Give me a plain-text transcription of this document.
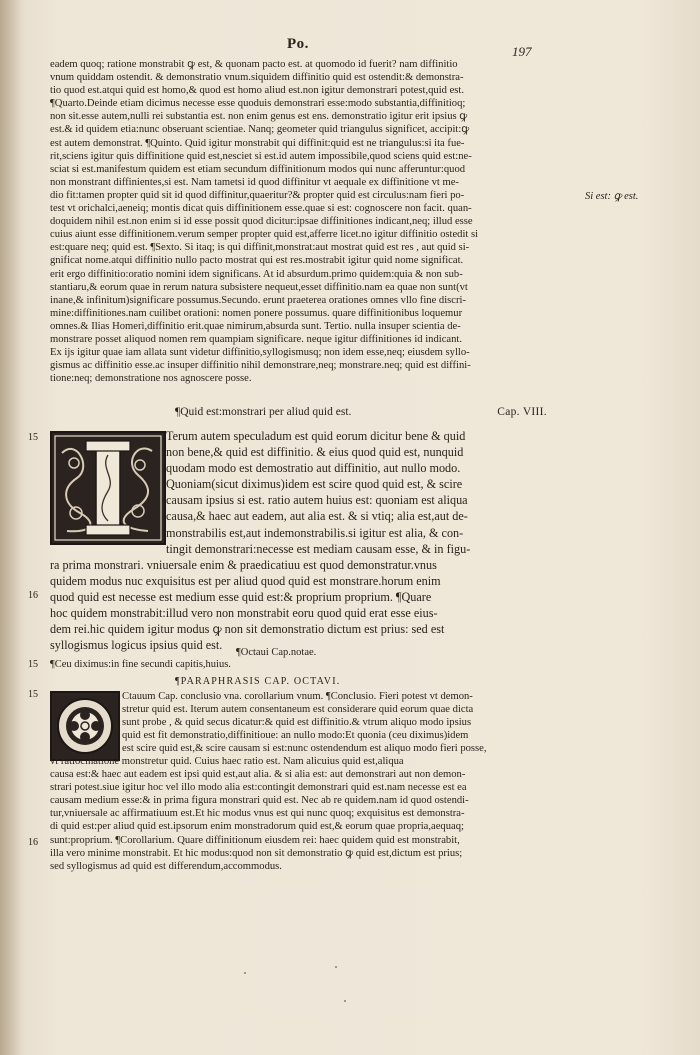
Po.	197
eadem quoq; ratione monstrabit ꝙ est, & quonam pacto est. at quomodo id fuerit? nam diffinitio
vnum quiddam ostendit. & demonstratio vnum.siquidem diffinitio quid est ostendit:& demonstra-
tio quod est.atqui quid est homo,& quod est homo aliud est.non igitur demonstrari potest,quid est.
¶Quarto.Deinde etiam dicimus necesse esse quoduis demonstrari esse:modo substantia,diffinitioq;
non sit.esse autem,nulli rei substantia est. non enim genus est ens. demonstratio igitur erit ipsius ꝙ
est.& id quidem etia:nunc obseruant scientiae. Nanq; geometer quid triangulus significet, accipit:ꝙ
est autem demonstrat. ¶Quinto. Quid igitur monstrabit qui diffinit:quid est ne triangulus:si ita fue-
rit,sciens igitur quis diffinitione quid est,nesciet si est.id autem impossibile,quod sciens quid est:ne-
sciat si est.manifestum quidem est etiam secundum diffinitionum modos qui nunc afferuntur:quod
non monstrant diffinientes,si est. Nam tametsi id quod diffinitur vt aequale ex diffinitione vt me-
dio fit:tamen propter quid sit id quod diffinitur,quaeritur?& propter quid est circulus:nam fieri po-
test vt orichalci,aeneiq; montis dicat quis diffinitionem esse.quae si est: cognoscere non facit. quan-
doquidem nihil est.non enim si id esse possit quod dicitur:ipsae diffinitiones indicant,neq; illud esse
cuius aiunt esse diffinitionem.verum semper propter quid est,afferre licet.no igitur diffinitio ostedit si
est:quare neq; quid est. ¶Sexto. Si itaq; is qui diffinit,monstrat:aut mostrat quid est res , aut quid si-
gnificat nome.atqui diffinitio nullo pacto mostrat qui est res.mostrabit igitur quid nome significat.
erit ergo diffinitio:oratio nomini idem significans. At id absurdum.primo quidem:quia & non sub-
stantiaru,& eorum quae in rerum natura subsistere nequeut,esset diffinitio.nam ea quae non sunt(vt
inane,& infinitum)significare possumus.Secundo. erunt praeterea orationes omnes vllo fine discri-
mine:diffinitiones.nam cuilibet orationi: nomen ponere possumus. quare diffinitionibus loquemur
omnes.& Ilias Homeri,diffinitio erit.quae nimirum,absurda sunt. Tertio. nulla insuper scientia de-
monstrare posset aliquod nomen rem quampiam significare. neque igitur diffinitiones id indicant.
Ex ijs igitur quae iam allata sunt videtur diffinitio,syllogismusq; non idem esse,neq; eiusdem syllo-
gismus ac diffinitio esse.ac insuper diffinitio nihil demonstrare,neq; monstrare.neq; quid est diffini-
tione:neq; demonstratione nos agnoscere posse.
Si est: ꝙ est.
Cap. VIII.
¶Quid est:monstrari per aliud quid est.
15
16
15
15
16
Terum autem speculadum est quid eorum dicitur bene & quid
non bene,& quid est diffinitio. & eius quod quid est, nunquid
quodam modo est demostratio aut diffinitio, aut nullo modo.
Quoniam(sicut diximus)idem est scire quod quid est, & scire
causam ipsius si est. ratio autem huius est: quoniam est aliqua
causa,& haec aut eadem, aut alia est. & si vtiq; alia est,aut de-
monstrabilis est,aut indemonstrabilis.si igitur est alia, & con-
tingit demonstrari:necesse est mediam causam esse, & in figu-
ra prima monstrari. vniuersale enim & praedicatiuu est quod demonstratur.vnus
quidem modus nuc exquisitus est per aliud quod quid est monstrare.horum enim
quod quid est necesse est medium esse quid est:& proprium proprium. ¶Quare
hoc quidem monstrabit:illud vero non monstrabit eoru quod quid erat esse eius-
dem rei.hic quidem igitur modus ꝙ non sit demonstratio dictum est prius: sed est
syllogismus logicus ipsius quid est.
¶Octaui Cap.notae.
¶Ceu diximus:in fine secundi capitis,huius.
¶PARAPHRASIS CAP. OCTAVI.
Ctauum Cap. conclusio vna. corollarium vnum. ¶Conclusio. Fieri potest vt demon-
stretur quid est. Iterum autem consentaneum est considerare quid eorum quae dicta
sunt probe , & quid secus dicatur:& quid est diffinitio.& vtrum aliquo modo ipsius
quid est fit demonstratio,diffinitioue: an nullo modo:Et quonia (ceu diximus)idem
est scire quid est,& scire causam si est:nunc ostendendum est aliquo modo fieri posse,
vt ratiocinatione monstretur quid. Cuius haec ratio est. Nam alicuius quid est,aliqua
causa est:& haec aut eadem est ipsi quid est,aut alia. & si alia est: aut demonstrari aut non demon-
strari potest.siue igitur hoc vel illo modo alia est:contingit demonstrari quid est.nam necesse est ea
causam medium esse:& in prima figura monstrari quid est. Nec ab re quidem.nam id quod ostendi-
tur,vniuersale ac affirmatiuum est.Et hic modus vnus est qui nunc quoq; exquisitus est demonstra-
di quid est:per aliud quid est.ipsorum enim monstradorum quid est,& eorum quae propria,aequaq;
sunt:proprium. ¶Corollarium. Quare diffinitionum eiusdem rei: haec quidem quid est monstrabit,
illa vero minime monstrabit. Et hic modus:quod non sit demonstratio ꝙ quid est,dictum est prius;
sed syllogismus ad quid est differendum,accommodus.
